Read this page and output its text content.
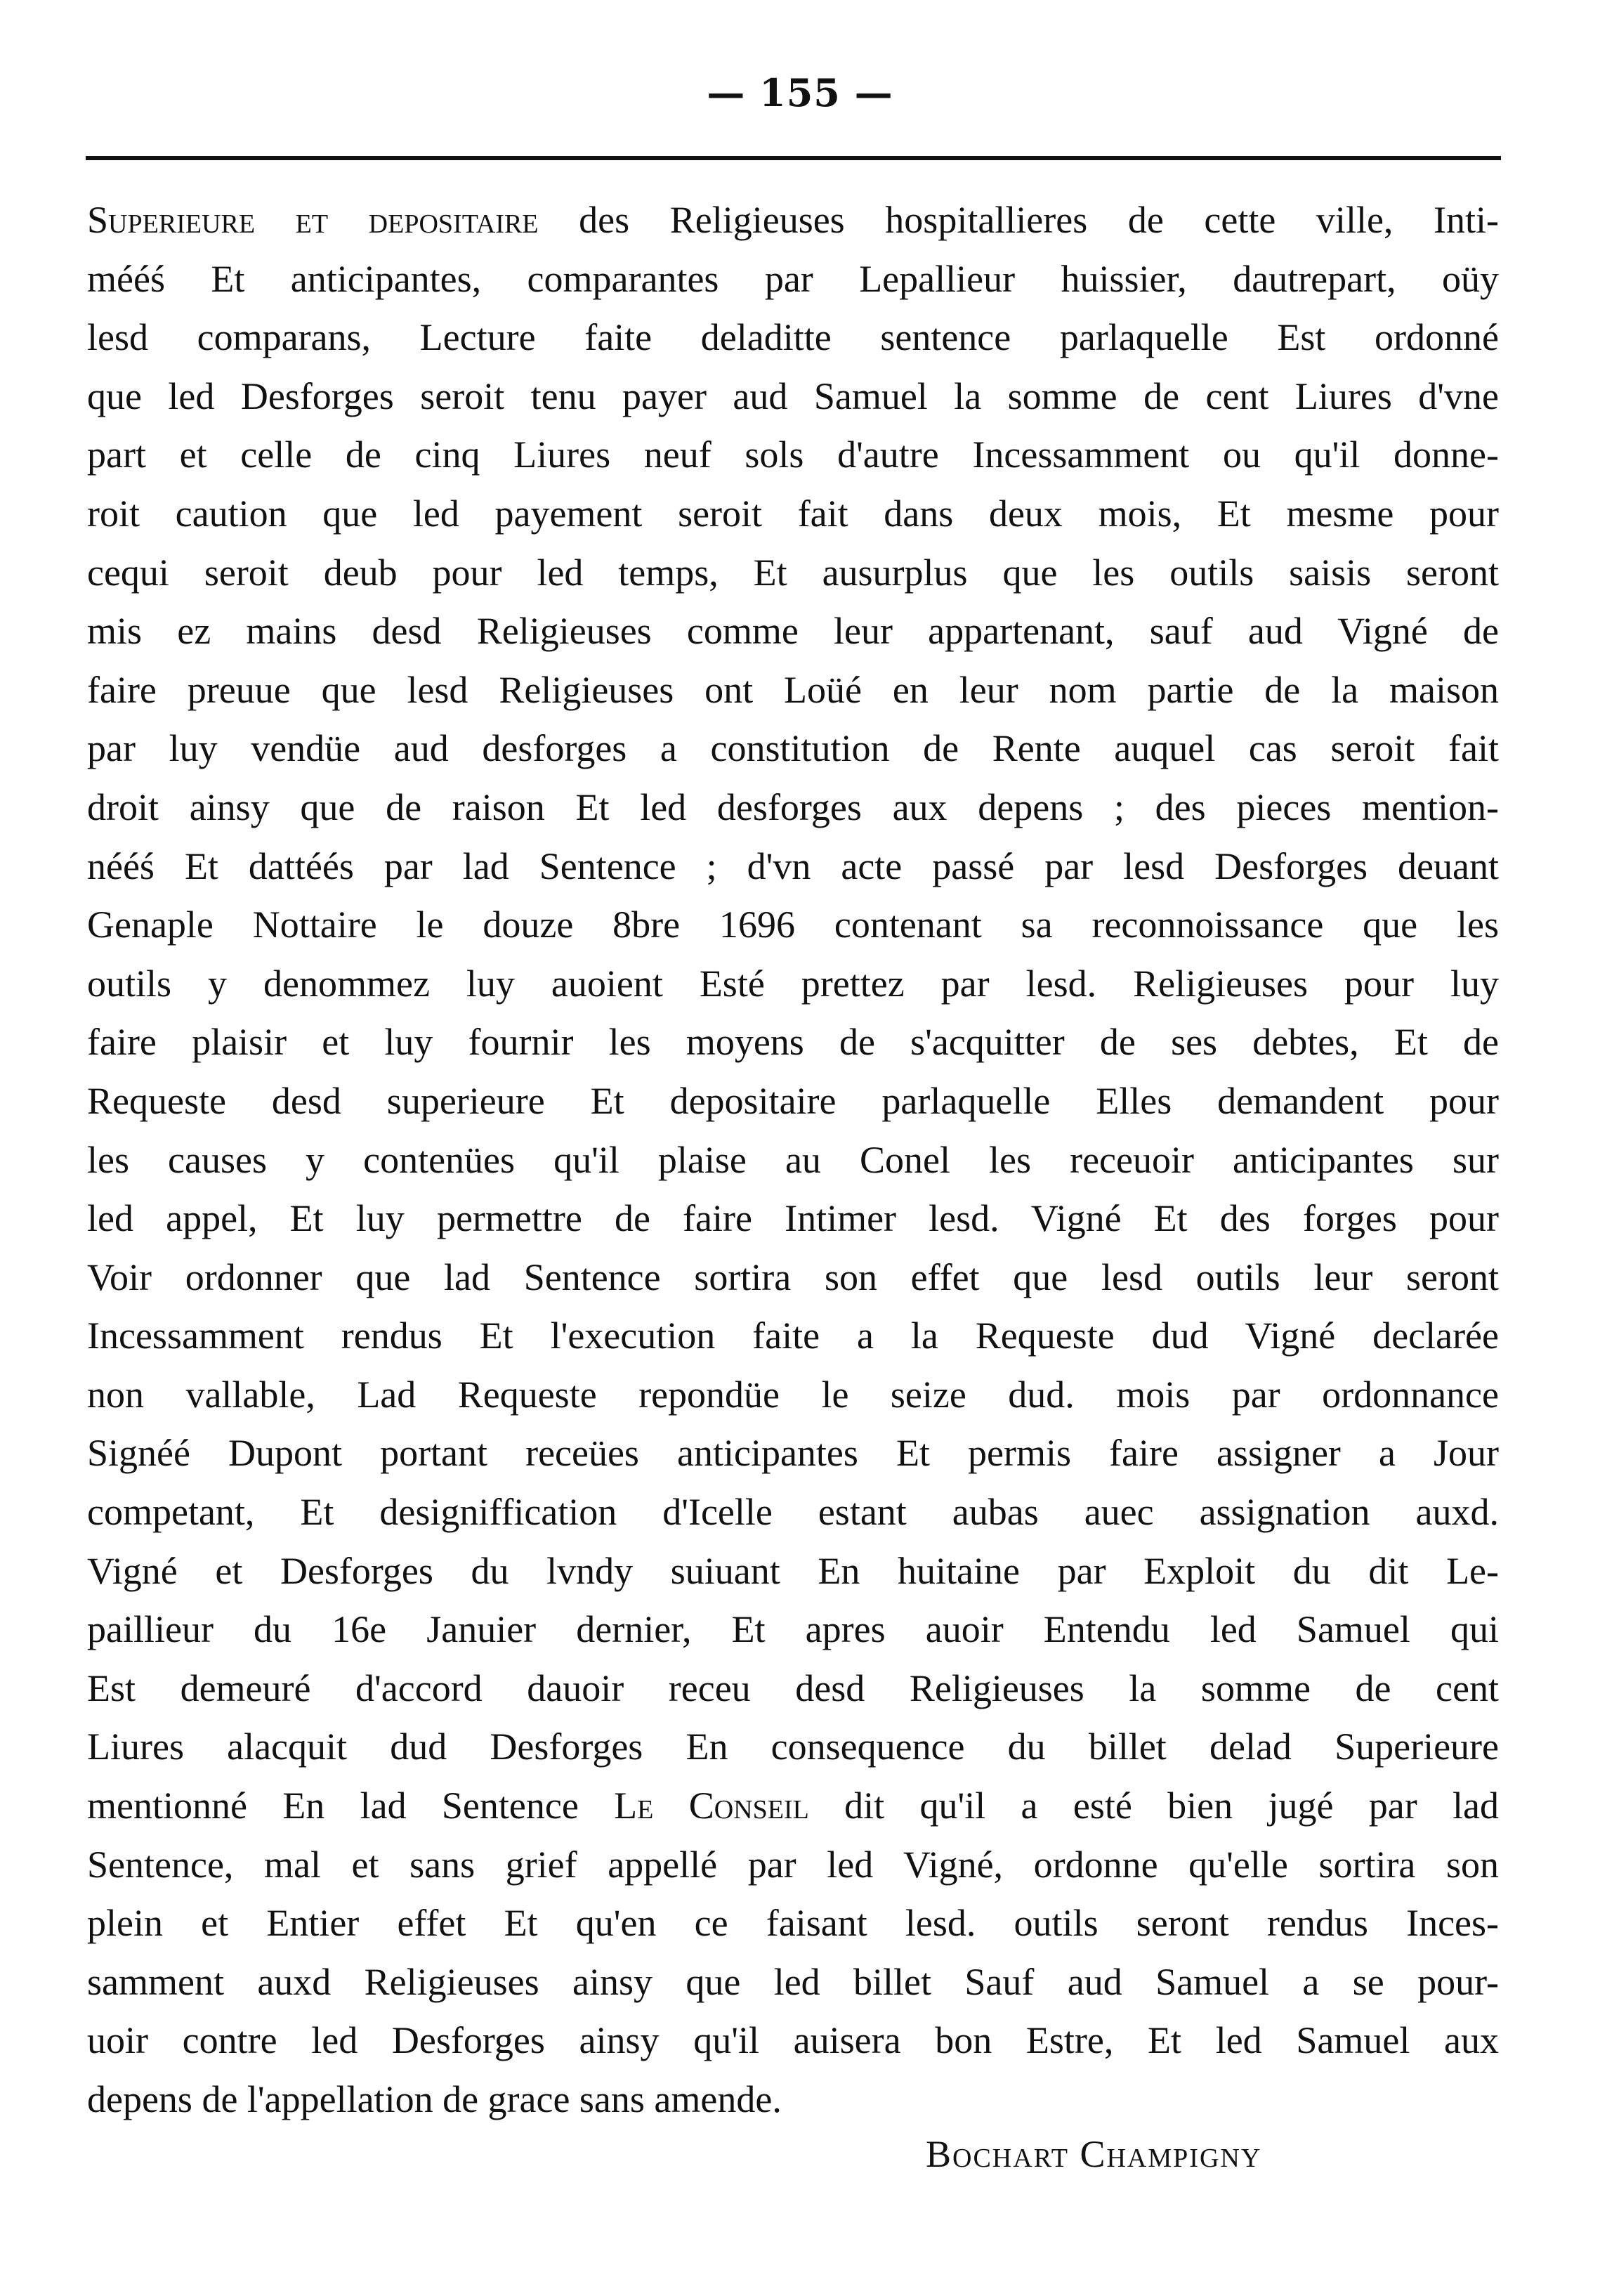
— 155 —
Superieure et depositaire des Religieuses hospitallieres de cette ville, Inti-
mééś Et anticipantes, comparantes par Lepallieur huissier, dautrepart, oüy
lesd comparans, Lecture faite deladitte sentence parlaquelle Est ordonné
que led Desforges seroit tenu payer aud Samuel la somme de cent Liures d'vne
part et celle de cinq Liures neuf sols d'autre Incessamment ou qu'il donne-
roit caution que led payement seroit fait dans deux mois, Et mesme pour
cequi seroit deub pour led temps, Et ausurplus que les outils saisis seront
mis ez mains desd Religieuses comme leur appartenant, sauf aud Vigné de
faire preuue que lesd Religieuses ont Loüé en leur nom partie de la maison
par luy vendüe aud desforges a constitution de Rente auquel cas seroit fait
droit ainsy que de raison Et led desforges aux depens ; des pieces mention-
nééś Et dattéés par lad Sentence ; d'vn acte passé par lesd Desforges deuant
Genaple Nottaire le douze 8bre 1696 contenant sa reconnoissance que les
outils y denommez luy auoient Esté prettez par lesd. Religieuses pour luy
faire plaisir et luy fournir les moyens de s'acquitter de ses debtes, Et de
Requeste desd superieure Et depositaire parlaquelle Elles demandent pour
les causes y contenües qu'il plaise au Conel les receuoir anticipantes sur
led appel, Et luy permettre de faire Intimer lesd. Vigné Et des forges pour
Voir ordonner que lad Sentence sortira son effet que lesd outils leur seront
Incessamment rendus Et l'execution faite a la Requeste dud Vigné declarée
non vallable, Lad Requeste repondüe le seize dud. mois par ordonnance
Signéé Dupont portant receües anticipantes Et permis faire assigner a Jour
competant, Et designiffication d'Icelle estant aubas auec assignation auxd.
Vigné et Desforges du lvndy suiuant En huitaine par Exploit du dit Le-
paillieur du 16e Januier dernier, Et apres auoir Entendu led Samuel qui
Est demeuré d'accord dauoir receu desd Religieuses la somme de cent
Liures alacquit dud Desforges En consequence du billet delad Superieure
mentionné En lad Sentence Le Conseil dit qu'il a esté bien jugé par lad
Sentence, mal et sans grief appellé par led Vigné, ordonne qu'elle sortira son
plein et Entier effet Et qu'en ce faisant lesd. outils seront rendus Inces-
samment auxd Religieuses ainsy que led billet Sauf aud Samuel a se pour-
uoir contre led Desforges ainsy qu'il auisera bon Estre, Et led Samuel aux
depens de l'appellation de grace sans amende.
Bochart Champigny
